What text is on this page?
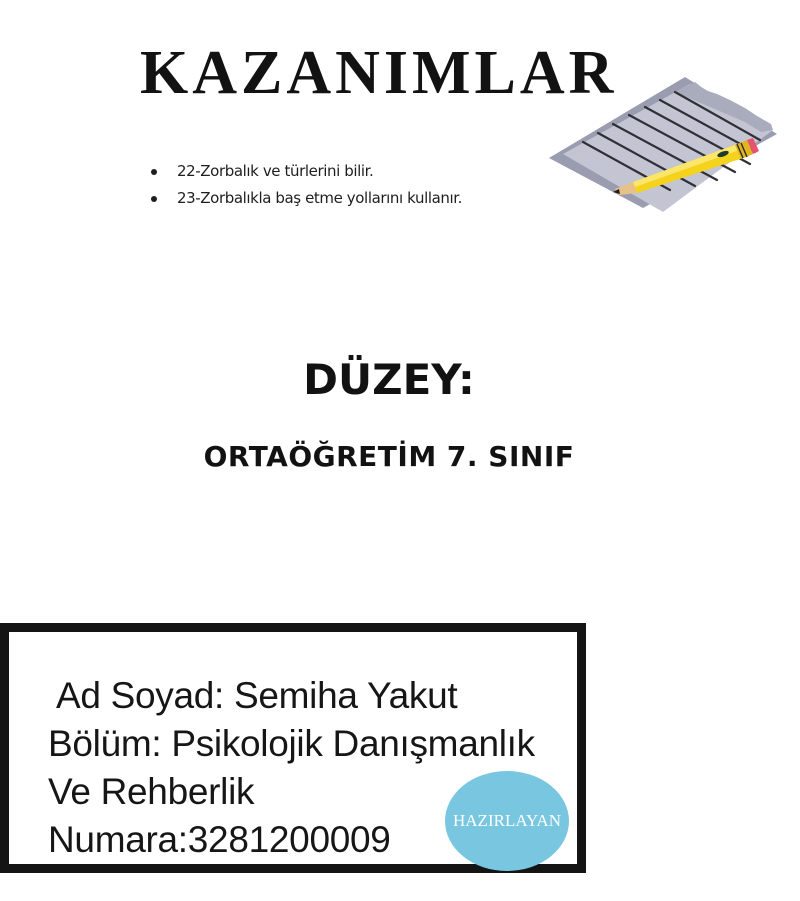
KAZANIMLAR
22-Zorbalık ve türlerini bilir.
23-Zorbalıkla baş etme yollarını kullanır.
DÜZEY:
ORTAÖĞRETİM 7. SINIF
Ad Soyad: Semiha Yakut
Bölüm: Psikolojik Danışmanlık
Ve Rehberlik
Numara:3281200009	HAZIRLAYAN
